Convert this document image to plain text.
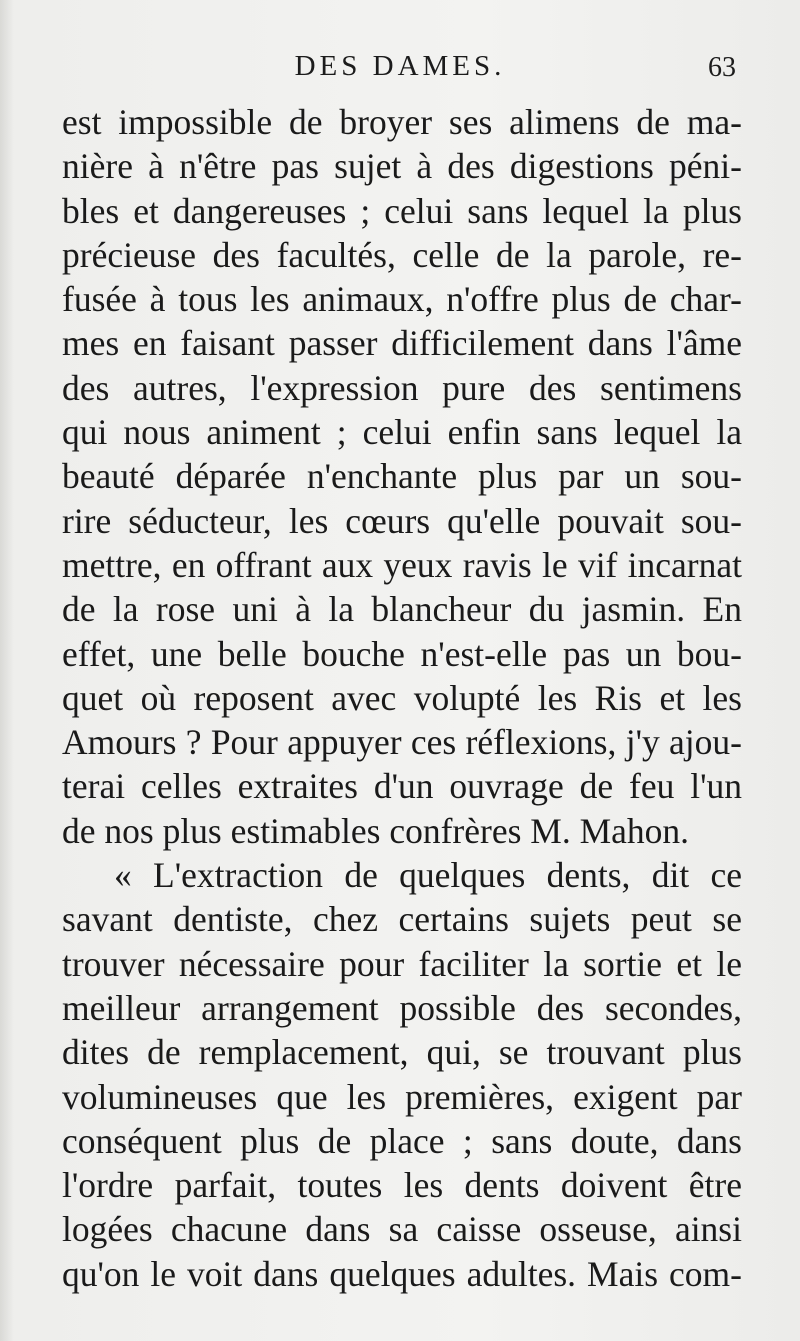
DES DAMES.	63
est impossible de broyer ses alimens de ma-
nière à n'être pas sujet à des digestions péni-
bles et dangereuses ; celui sans lequel la plus
précieuse des facultés, celle de la parole, re-
fusée à tous les animaux, n'offre plus de char-
mes en faisant passer difficilement dans l'âme
des autres, l'expression pure des sentimens
qui nous animent ; celui enfin sans lequel la
beauté déparée n'enchante plus par un sou-
rire séducteur, les cœurs qu'elle pouvait sou-
mettre, en offrant aux yeux ravis le vif incarnat
de la rose uni à la blancheur du jasmin. En
effet, une belle bouche n'est-elle pas un bou-
quet où reposent avec volupté les Ris et les
Amours ? Pour appuyer ces réflexions, j'y ajou-
terai celles extraites d'un ouvrage de feu l'un
de nos plus estimables confrères M. Mahon.
« L'extraction de quelques dents, dit ce
savant dentiste, chez certains sujets peut se
trouver nécessaire pour faciliter la sortie et le
meilleur arrangement possible des secondes,
dites de remplacement, qui, se trouvant plus
volumineuses que les premières, exigent par
conséquent plus de place ; sans doute, dans
l'ordre parfait, toutes les dents doivent être
logées chacune dans sa caisse osseuse, ainsi
qu'on le voit dans quelques adultes. Mais com-
